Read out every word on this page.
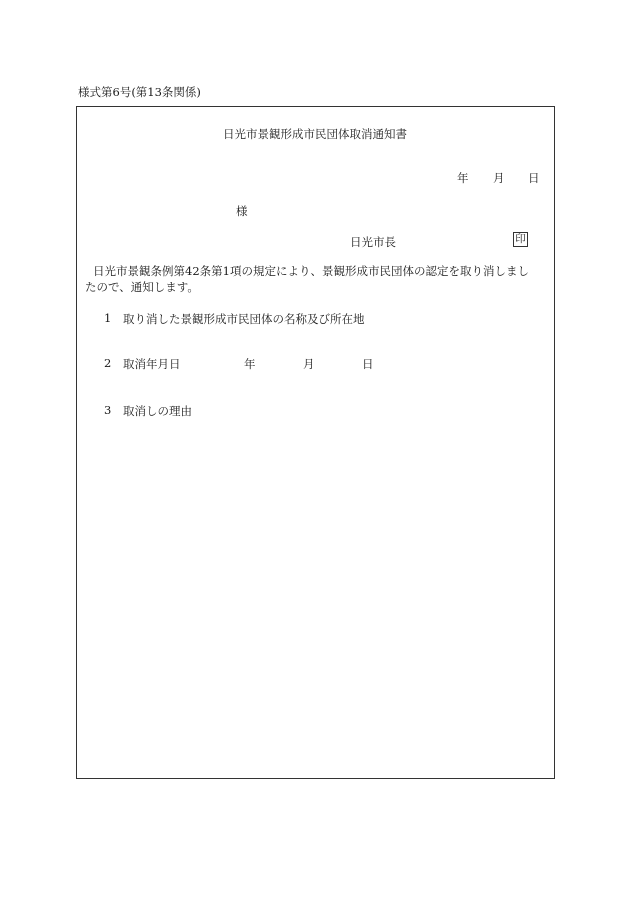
様式第6号(第13条関係)
日光市景観形成市民団体取消通知書
年 月 日
様
日光市長	印
日光市景観条例第42条第1項の規定により、景観形成市民団体の認定を取り消しまし
たので、通知します。
1 取り消した景観形成市民団体の名称及び所在地
2 取消年月日	年	月	日
3 取消しの理由
